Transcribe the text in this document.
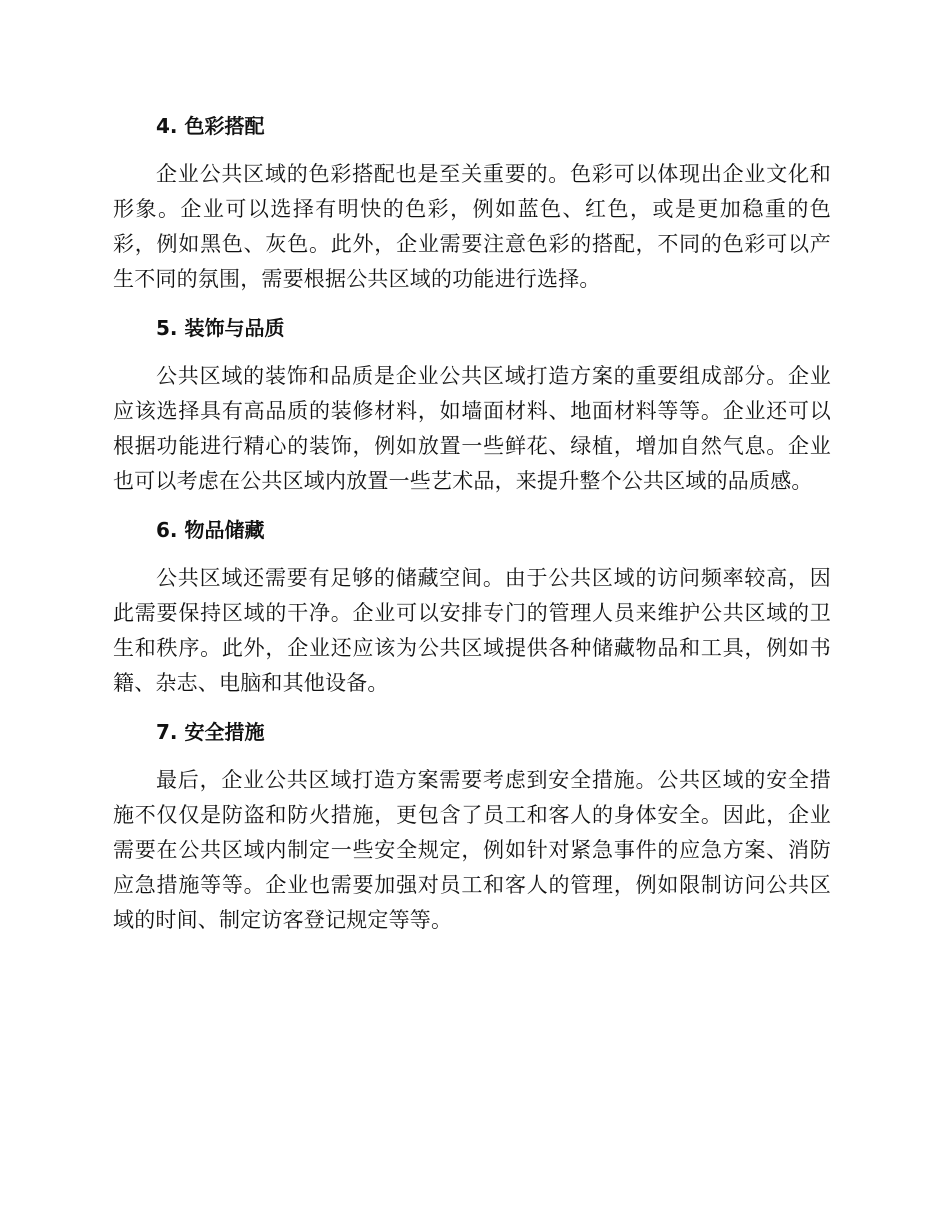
4. 色彩搭配

企业公共区域的色彩搭配也是至关重要的。色彩可以体现出企业文化和形象。企业可以选择有明快的色彩，例如蓝色、红色，或是更加稳重的色彩，例如黑色、灰色。此外，企业需要注意色彩的搭配，不同的色彩可以产生不同的氛围，需要根据公共区域的功能进行选择。

5. 装饰与品质

公共区域的装饰和品质是企业公共区域打造方案的重要组成部分。企业应该选择具有高品质的装修材料，如墙面材料、地面材料等等。企业还可以根据功能进行精心的装饰，例如放置一些鲜花、绿植，增加自然气息。企业也可以考虑在公共区域内放置一些艺术品，来提升整个公共区域的品质感。

6. 物品储藏

公共区域还需要有足够的储藏空间。由于公共区域的访问频率较高，因此需要保持区域的干净。企业可以安排专门的管理人员来维护公共区域的卫生和秩序。此外，企业还应该为公共区域提供各种储藏物品和工具，例如书籍、杂志、电脑和其他设备。

7. 安全措施

最后，企业公共区域打造方案需要考虑到安全措施。公共区域的安全措施不仅仅是防盗和防火措施，更包含了员工和客人的身体安全。因此，企业需要在公共区域内制定一些安全规定，例如针对紧急事件的应急方案、消防应急措施等等。企业也需要加强对员工和客人的管理，例如限制访问公共区域的时间、制定访客登记规定等等。
